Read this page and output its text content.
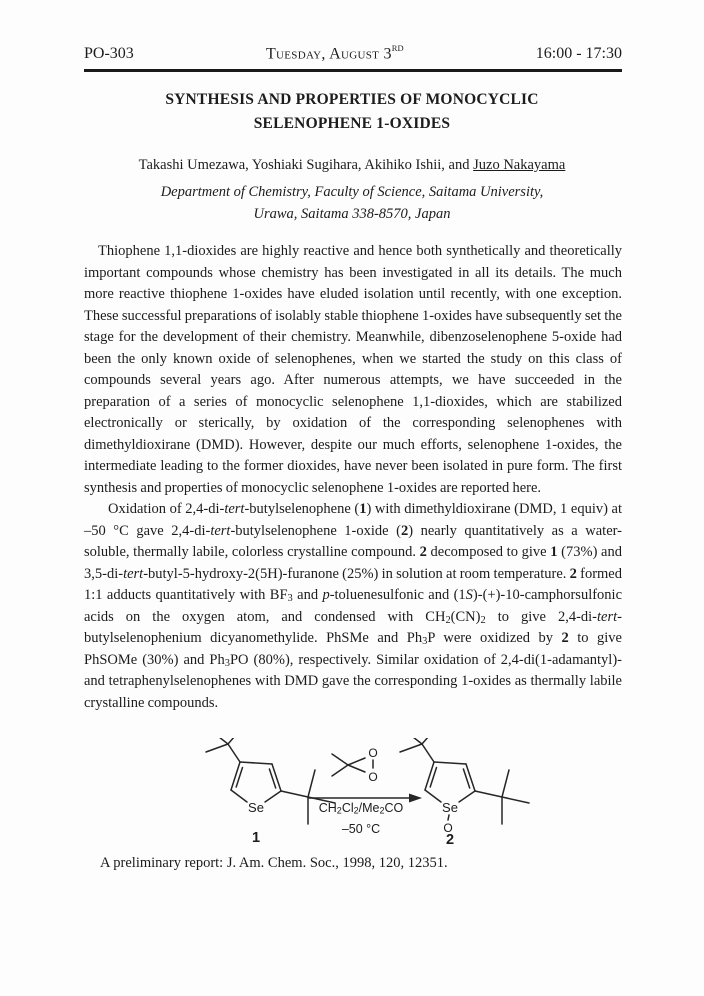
PO-303	Tuesday, August 3RD	16:00 - 17:30
SYNTHESIS AND PROPERTIES OF MONOCYCLIC
SELENOPHENE 1-OXIDES
Takashi Umezawa, Yoshiaki Sugihara, Akihiko Ishii, and Juzo Nakayama
Department of Chemistry, Faculty of Science, Saitama University,
Urawa, Saitama 338-8570, Japan

Thiophene 1,1-dioxides are highly reactive and hence both synthetically and theoretically important compounds whose chemistry has been investigated in all its details. The much more reactive thiophene 1-oxides have eluded isolation until recently, with one exception. These successful preparations of isolably stable thiophene 1-oxides have subsequently set the stage for the development of their chemistry. Meanwhile, dibenzoselenophene 5-oxide had been the only known oxide of selenophenes, when we started the study on this class of compounds several years ago. After numerous attempts, we have succeeded in the preparation of a series of monocyclic selenophene 1,1-dioxides, which are stabilized electronically or sterically, by oxidation of the corresponding selenophenes with dimethyldioxirane (DMD). However, despite our much efforts, selenophene 1-oxides, the intermediate leading to the former dioxides, have never been isolated in pure form. The first synthesis and properties of monocyclic selenophene 1-oxides are reported here.

Oxidation of 2,4-di-tert-butylselenophene (1) with dimethyldioxirane (DMD, 1 equiv) at –50 °C gave 2,4-di-tert-butylselenophene 1-oxide (2) nearly quantitatively as a water-soluble, thermally labile, colorless crystalline compound. 2 decomposed to give 1 (73%) and 3,5-di-tert-butyl-5-hydroxy-2(5H)-furanone (25%) in solution at room temperature. 2 formed 1:1 adducts quantitatively with $BF_3$ and p-toluenesulfonic and (1S)-(+)-10-camphorsulfonic acids on the oxygen atom, and condensed with $CH_2(CN)_2$ to give 2,4-di-tert-butylselenophenium dicyanomethylide. PhSMe and $Ph_3P$ were oxidized by 2 to give PhSOMe (30%) and $Ph_3PO$ (80%), respectively. Similar oxidation of 2,4-di(1-adamantyl)- and tetraphenylselenophenes with DMD gave the corresponding 1-oxides as thermally labile crystalline compounds.

Se
O
O
Se
O
$CH_2Cl_2/Me_2CO$
–50 °C
1	2
A preliminary report: J. Am. Chem. Soc., 1998, 120, 12351.
